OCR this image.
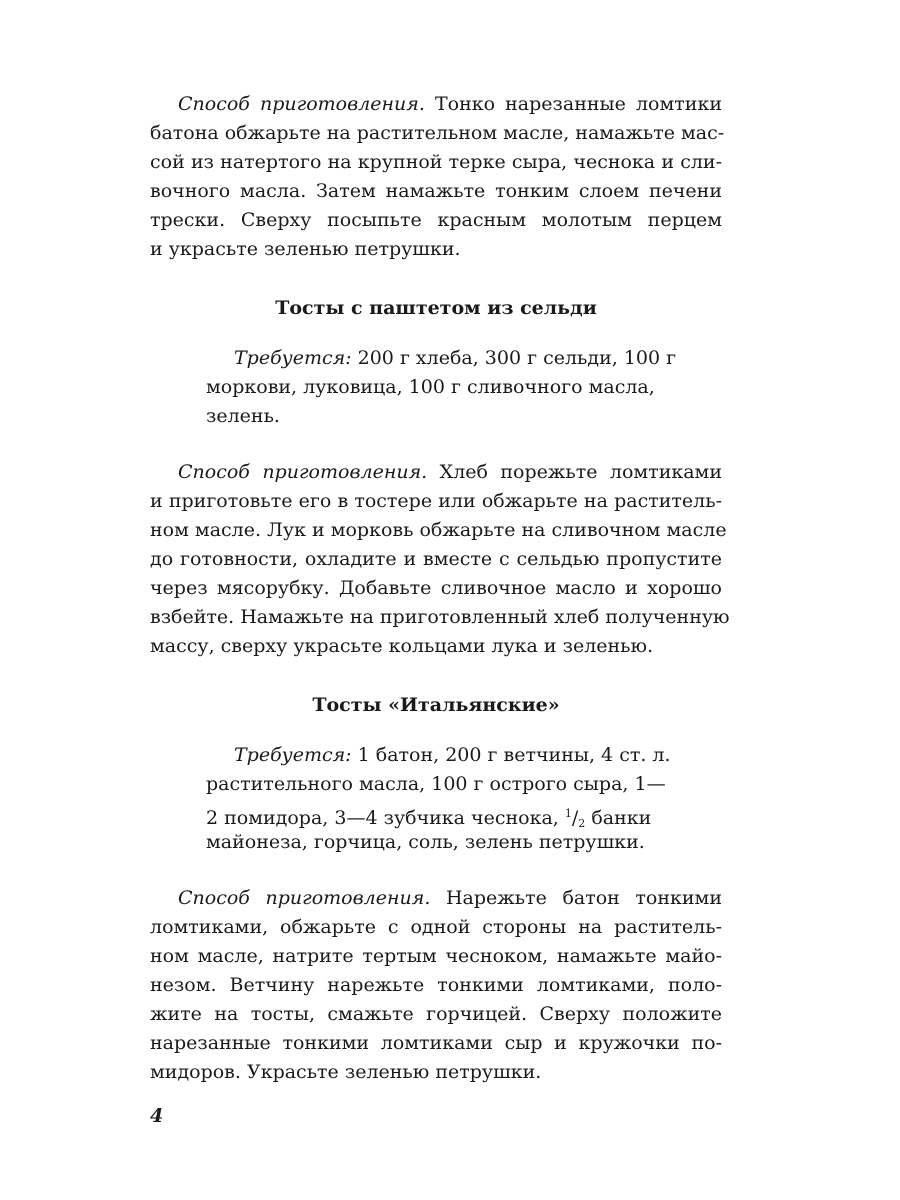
Способ приготовления. Тонко нарезанные ломтики
батона обжарьте на растительном масле, намажьте мас-
сой из натертого на крупной терке сыра, чеснока и сли-
вочного масла. Затем намажьте тонким слоем печени
трески. Сверху посыпьте красным молотым перцем
и украсьте зеленью петрушки.
Тосты с паштетом из сельди
Требуется: 200 г хлеба, 300 г сельди, 100 г
моркови, луковица, 100 г сливочного масла,
зелень.
Способ приготовления. Хлеб порежьте ломтиками
и приготовьте его в тостере или обжарьте на раститель-
ном масле. Лук и морковь обжарьте на сливочном масле
до готовности, охладите и вместе с сельдью пропустите
через мясорубку. Добавьте сливочное масло и хорошо
взбейте. Намажьте на приготовленный хлеб полученную
массу, сверху украсьте кольцами лука и зеленью.
Тосты «Итальянские»
Требуется: 1 батон, 200 г ветчины, 4 ст. л.
растительного масла, 100 г острого сыра, 1—
2 помидора, 3—4 зубчика чеснока, $^1/_2$ банки
майонеза, горчица, соль, зелень петрушки.
Способ приготовления. Нарежьте батон тонкими
ломтиками, обжарьте с одной стороны на раститель-
ном масле, натрите тертым чесноком, намажьте майо-
незом. Ветчину нарежьте тонкими ломтиками, поло-
жите на тосты, смажьте горчицей. Сверху положите
нарезанные тонкими ломтиками сыр и кружочки по-
мидоров. Украсьте зеленью петрушки.
4
